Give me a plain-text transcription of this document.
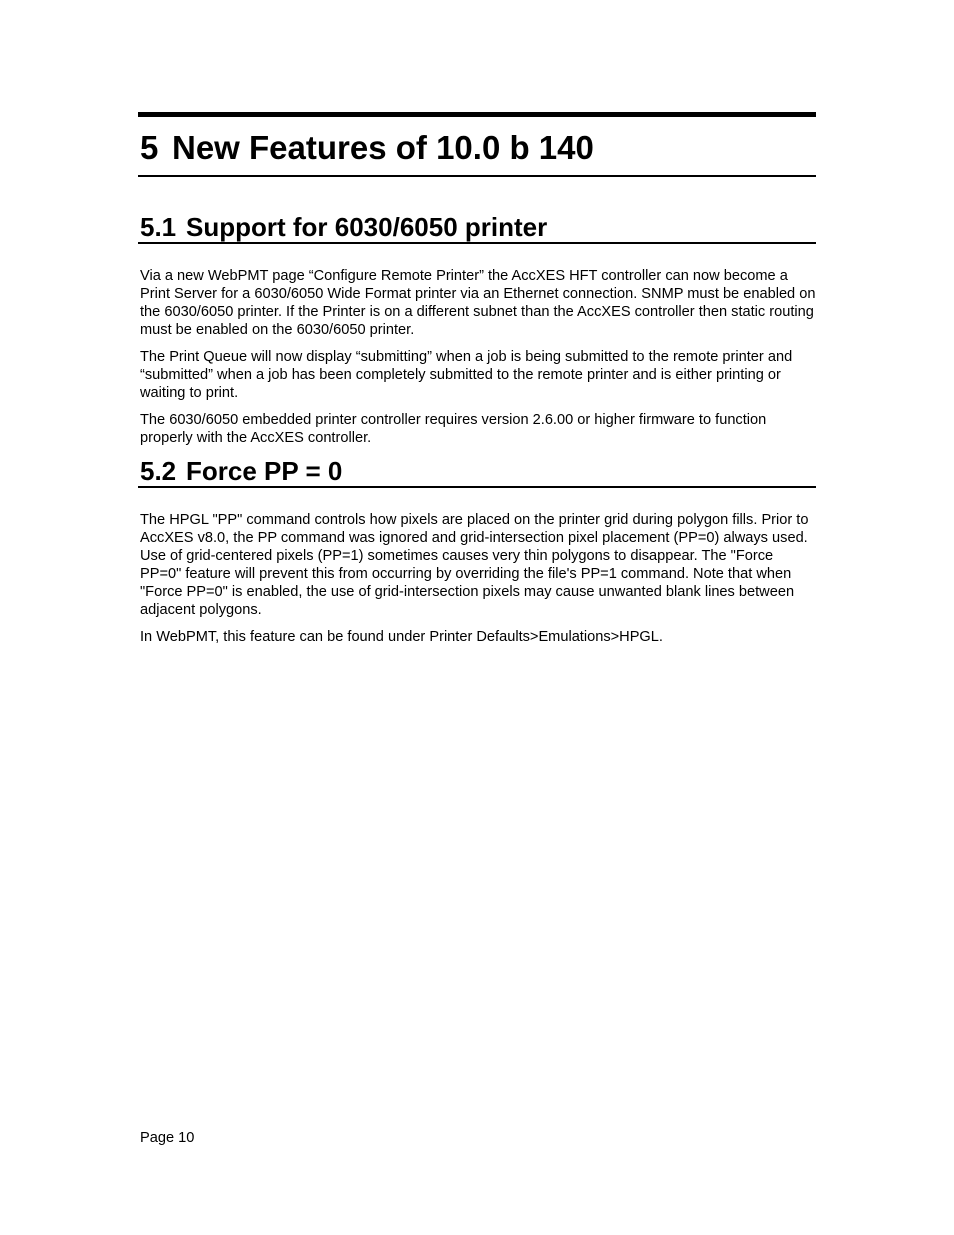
5 New Features of 10.0 b 140
5.1 Support for 6030/6050 printer

Via a new WebPMT page “Configure Remote Printer” the AccXES HFT controller can now become a Print Server for a 6030/6050 Wide Format printer via an Ethernet connection. SNMP must be enabled on the 6030/6050 printer. If the Printer is on a different subnet than the AccXES controller then static routing must be enabled on the 6030/6050 printer.

The Print Queue will now display “submitting” when a job is being submitted to the remote printer and “submitted” when a job has been completely submitted to the remote printer and is either printing or waiting to print.

The 6030/6050 embedded printer controller requires version 2.6.00 or higher firmware to function properly with the AccXES controller.

5.2 Force PP = 0

The HPGL "PP" command controls how pixels are placed on the printer grid during polygon fills. Prior to AccXES v8.0, the PP command was ignored and grid-intersection pixel placement (PP=0) always used. Use of grid-centered pixels (PP=1) sometimes causes very thin polygons to disappear. The "Force PP=0" feature will prevent this from occurring by overriding the file's PP=1 command. Note that when "Force PP=0" is enabled, the use of grid-intersection pixels may cause unwanted blank lines between adjacent polygons.

In WebPMT, this feature can be found under Printer Defaults>Emulations>HPGL.

Page 10
